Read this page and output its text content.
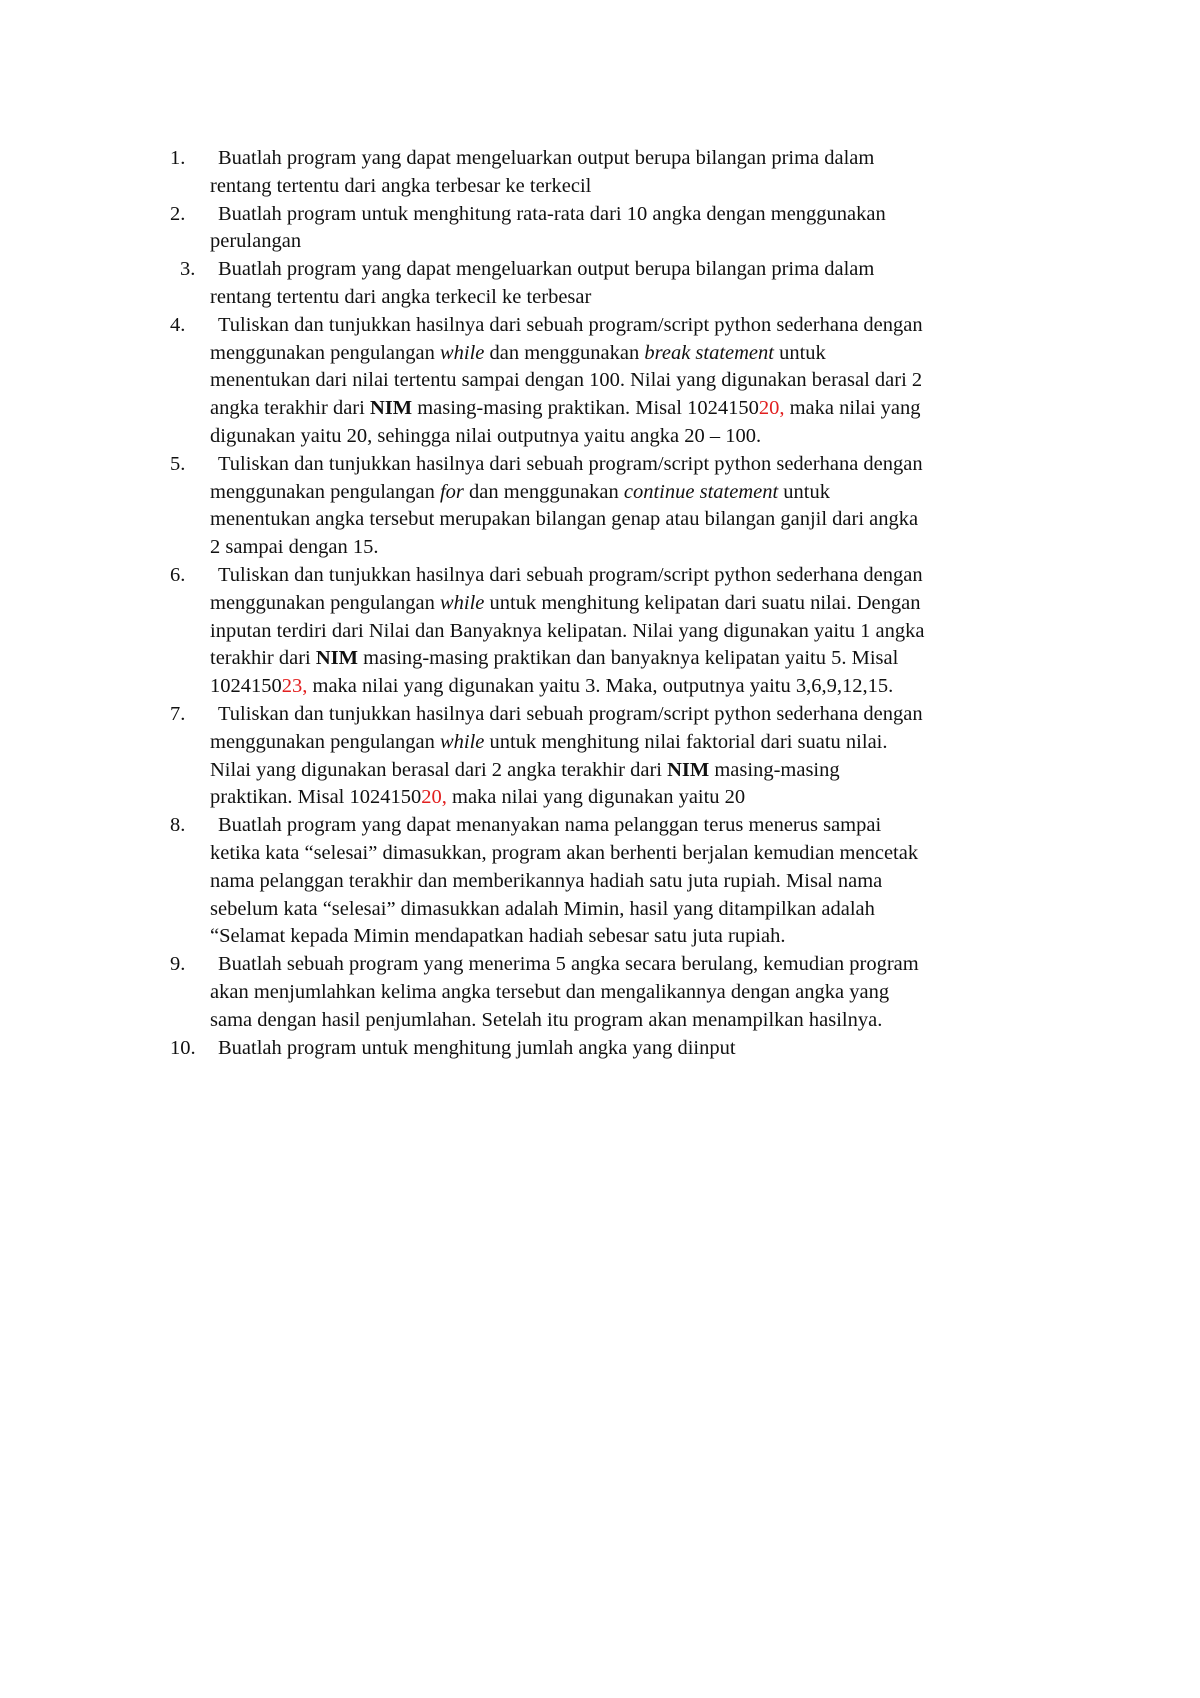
1. Buatlah program yang dapat mengeluarkan output berupa bilangan prima dalam
rentang tertentu dari angka terbesar ke terkecil
2. Buatlah program untuk menghitung rata-rata dari 10 angka dengan menggunakan
perulangan
3. Buatlah program yang dapat mengeluarkan output berupa bilangan prima dalam
rentang tertentu dari angka terkecil ke terbesar
4. Tuliskan dan tunjukkan hasilnya dari sebuah program/script python sederhana dengan
menggunakan pengulangan while dan menggunakan break statement untuk
menentukan dari nilai tertentu sampai dengan 100. Nilai yang digunakan berasal dari 2
angka terakhir dari NIM masing-masing praktikan. Misal 102415020, maka nilai yang
digunakan yaitu 20, sehingga nilai outputnya yaitu angka 20 – 100.
5. Tuliskan dan tunjukkan hasilnya dari sebuah program/script python sederhana dengan
menggunakan pengulangan for dan menggunakan continue statement untuk
menentukan angka tersebut merupakan bilangan genap atau bilangan ganjil dari angka
2 sampai dengan 15.
6. Tuliskan dan tunjukkan hasilnya dari sebuah program/script python sederhana dengan
menggunakan pengulangan while untuk menghitung kelipatan dari suatu nilai. Dengan
inputan terdiri dari Nilai dan Banyaknya kelipatan. Nilai yang digunakan yaitu 1 angka
terakhir dari NIM masing-masing praktikan dan banyaknya kelipatan yaitu 5. Misal
102415023, maka nilai yang digunakan yaitu 3. Maka, outputnya yaitu 3,6,9,12,15.
7. Tuliskan dan tunjukkan hasilnya dari sebuah program/script python sederhana dengan
menggunakan pengulangan while untuk menghitung nilai faktorial dari suatu nilai.
Nilai yang digunakan berasal dari 2 angka terakhir dari NIM masing-masing
praktikan. Misal 102415020, maka nilai yang digunakan yaitu 20
8. Buatlah program yang dapat menanyakan nama pelanggan terus menerus sampai
ketika kata “selesai” dimasukkan, program akan berhenti berjalan kemudian mencetak
nama pelanggan terakhir dan memberikannya hadiah satu juta rupiah. Misal nama
sebelum kata “selesai” dimasukkan adalah Mimin, hasil yang ditampilkan adalah
“Selamat kepada Mimin mendapatkan hadiah sebesar satu juta rupiah.
9. Buatlah sebuah program yang menerima 5 angka secara berulang, kemudian program
akan menjumlahkan kelima angka tersebut dan mengalikannya dengan angka yang
sama dengan hasil penjumlahan. Setelah itu program akan menampilkan hasilnya.
10. Buatlah program untuk menghitung jumlah angka yang diinput
